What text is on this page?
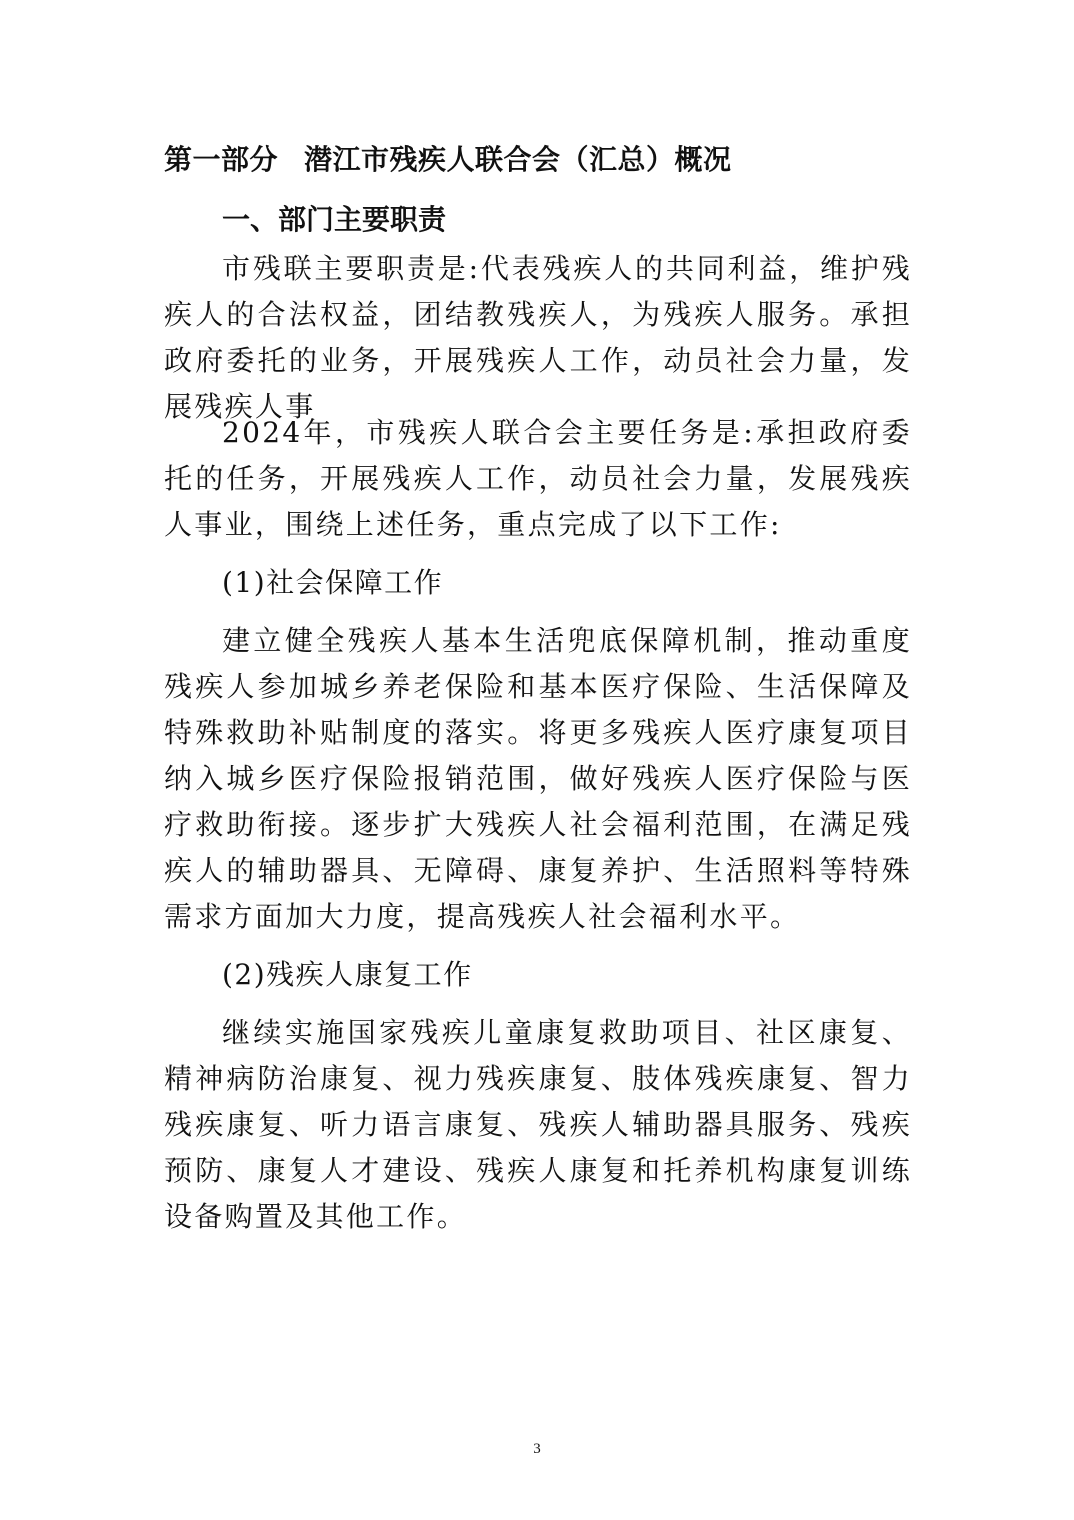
第一部分 潜江市残疾人联合会（汇总）概况
一、部门主要职责

市残联主要职责是:代表残疾人的共同利益，维护残疾人的合法权益，团结教残疾人，为残疾人服务。承担政府委托的业务，开展残疾人工作，动员社会力量，发展残疾人事

2024年，市残疾人联合会主要任务是:承担政府委托的任务，开展残疾人工作，动员社会力量，发展残疾人事业，围绕上述任务，重点完成了以下工作:

(1)社会保障工作

建立健全残疾人基本生活兜底保障机制，推动重度残疾人参加城乡养老保险和基本医疗保险、生活保障及特殊救助补贴制度的落实。将更多残疾人医疗康复项目纳入城乡医疗保险报销范围，做好残疾人医疗保险与医疗救助衔接。逐步扩大残疾人社会福利范围，在满足残疾人的辅助器具、无障碍、康复养护、生活照料等特殊需求方面加大力度，提高残疾人社会福利水平。

(2)残疾人康复工作

继续实施国家残疾儿童康复救助项目、社区康复、精神病防治康复、视力残疾康复、肢体残疾康复、智力残疾康复、听力语言康复、残疾人辅助器具服务、残疾预防、康复人才建设、残疾人康复和托养机构康复训练设备购置及其他工作。

3
